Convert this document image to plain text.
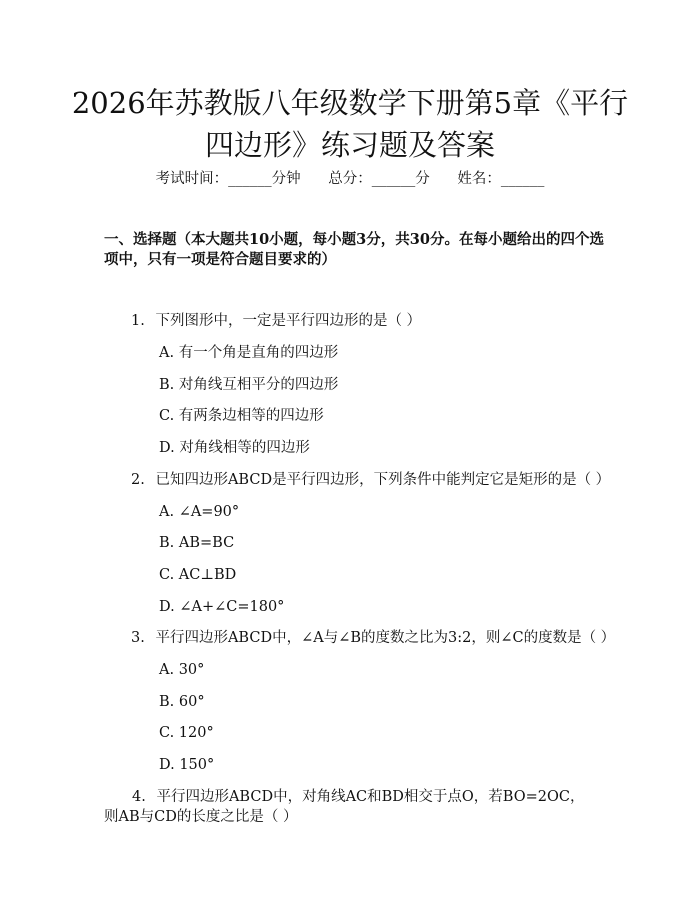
2026年苏教版八年级数学下册第5章《平行四边形》练习题及答案
考试时间：______分钟      总分：______分      姓名：______

一、选择题（本大题共10小题，每小题3分，共30分。在每小题给出的四个选项中，只有一项是符合题目要求的）

1. 下列图形中，一定是平行四边形的是（ ）
A. 有一个角是直角的四边形
B. 对角线互相平分的四边形
C. 有两条边相等的四边形
D. 对角线相等的四边形
2. 已知四边形ABCD是平行四边形，下列条件中能判定它是矩形的是（ ）
A. ∠A=90°
B. AB=BC
C. AC⊥BD
D. ∠A+∠C=180°
3. 平行四边形ABCD中，∠A与∠B的度数之比为3:2，则∠C的度数是（ ）
A. 30°
B. 60°
C. 120°
D. 150°
4. 平行四边形ABCD中，对角线AC和BD相交于点O，若BO=2OC，则AB与CD的长度之比是（ ）
